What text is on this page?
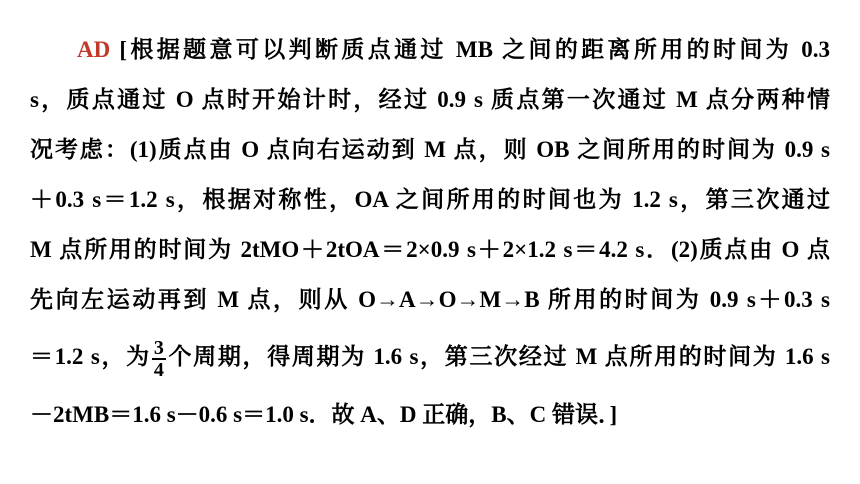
AD [根据题意可以判断质点通过 MB 之间的距离所用的时间为 0.3
s，质点通过 O 点时开始计时，经过 0.9 s 质点第一次通过 M 点分两种情
况考虑：(1)质点由 O 点向右运动到 M 点，则 OB 之间所用的时间为 0.9 s
＋0.3 s＝1.2 s，根据对称性，OA 之间所用的时间也为 1.2 s，第三次通过
M 点所用的时间为 2tMO＋2tOA＝2×0.9 s＋2×1.2 s＝4.2 s．(2)质点由 O 点
先向左运动再到 M 点，则从 O→A→O→M→B 所用的时间为 0.9 s＋0.3 s
＝1.2 s，为 $\frac{3}{4}$ 个周期，得周期为 1.6 s，第三次经过 M 点所用的时间为 1.6 s
－2tMB＝1.6 s－0.6 s＝1.0 s．故 A、D 正确，B、C 错误．]
